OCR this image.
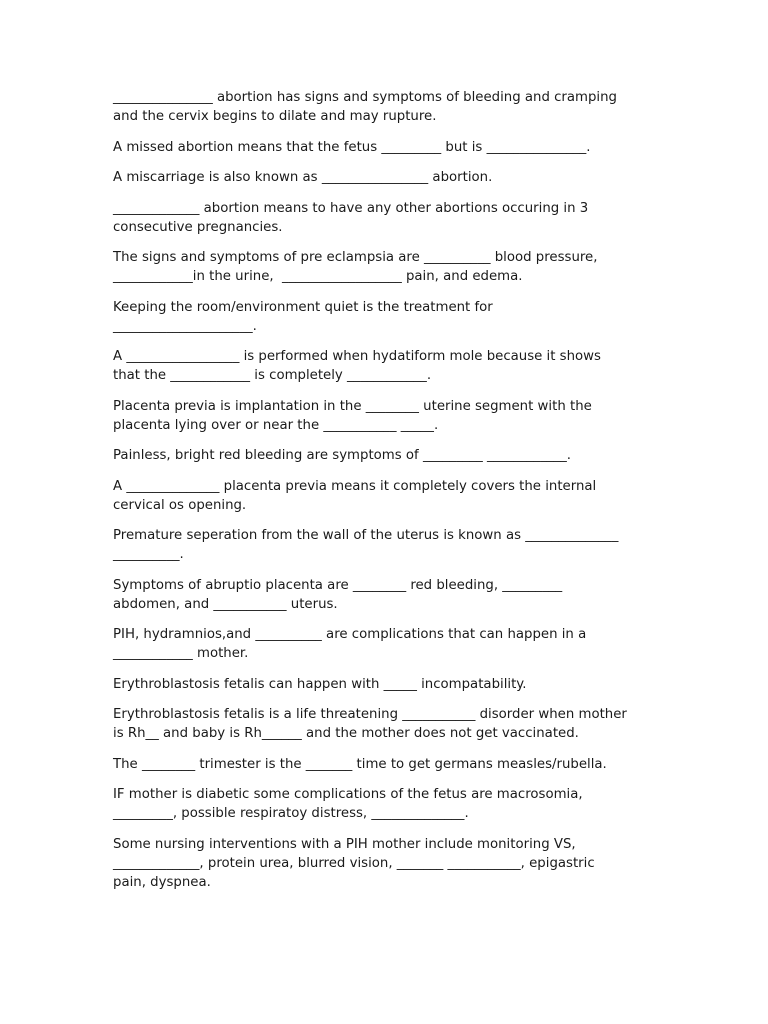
_______________ abortion has signs and symptoms of bleeding and cramping
and the cervix begins to dilate and may rupture.
A missed abortion means that the fetus _________ but is _______________.
A miscarriage is also known as ________________ abortion.
_____________ abortion means to have any other abortions occuring in 3
consecutive pregnancies.
The signs and symptoms of pre eclampsia are __________ blood pressure,
____________in the urine,  __________________ pain, and edema.
Keeping the room/environment quiet is the treatment for
_____________________.
A _________________ is performed when hydatiform mole because it shows
that the ____________ is completely ____________.
Placenta previa is implantation in the ________ uterine segment with the
placenta lying over or near the ___________ _____.
Painless, bright red bleeding are symptoms of _________ ____________.
A ______________ placenta previa means it completely covers the internal
cervical os opening.
Premature seperation from the wall of the uterus is known as ______________
__________.
Symptoms of abruptio placenta are ________ red bleeding, _________
abdomen, and ___________ uterus.
PIH, hydramnios,and __________ are complications that can happen in a
____________ mother.
Erythroblastosis fetalis can happen with _____ incompatability.
Erythroblastosis fetalis is a life threatening ___________ disorder when mother
is Rh__ and baby is Rh______ and the mother does not get vaccinated.
The ________ trimester is the _______ time to get germans measles/rubella.
IF mother is diabetic some complications of the fetus are macrosomia,
_________, possible respiratoy distress, ______________.
Some nursing interventions with a PIH mother include monitoring VS,
_____________, protein urea, blurred vision, _______ ___________, epigastric
pain, dyspnea.
